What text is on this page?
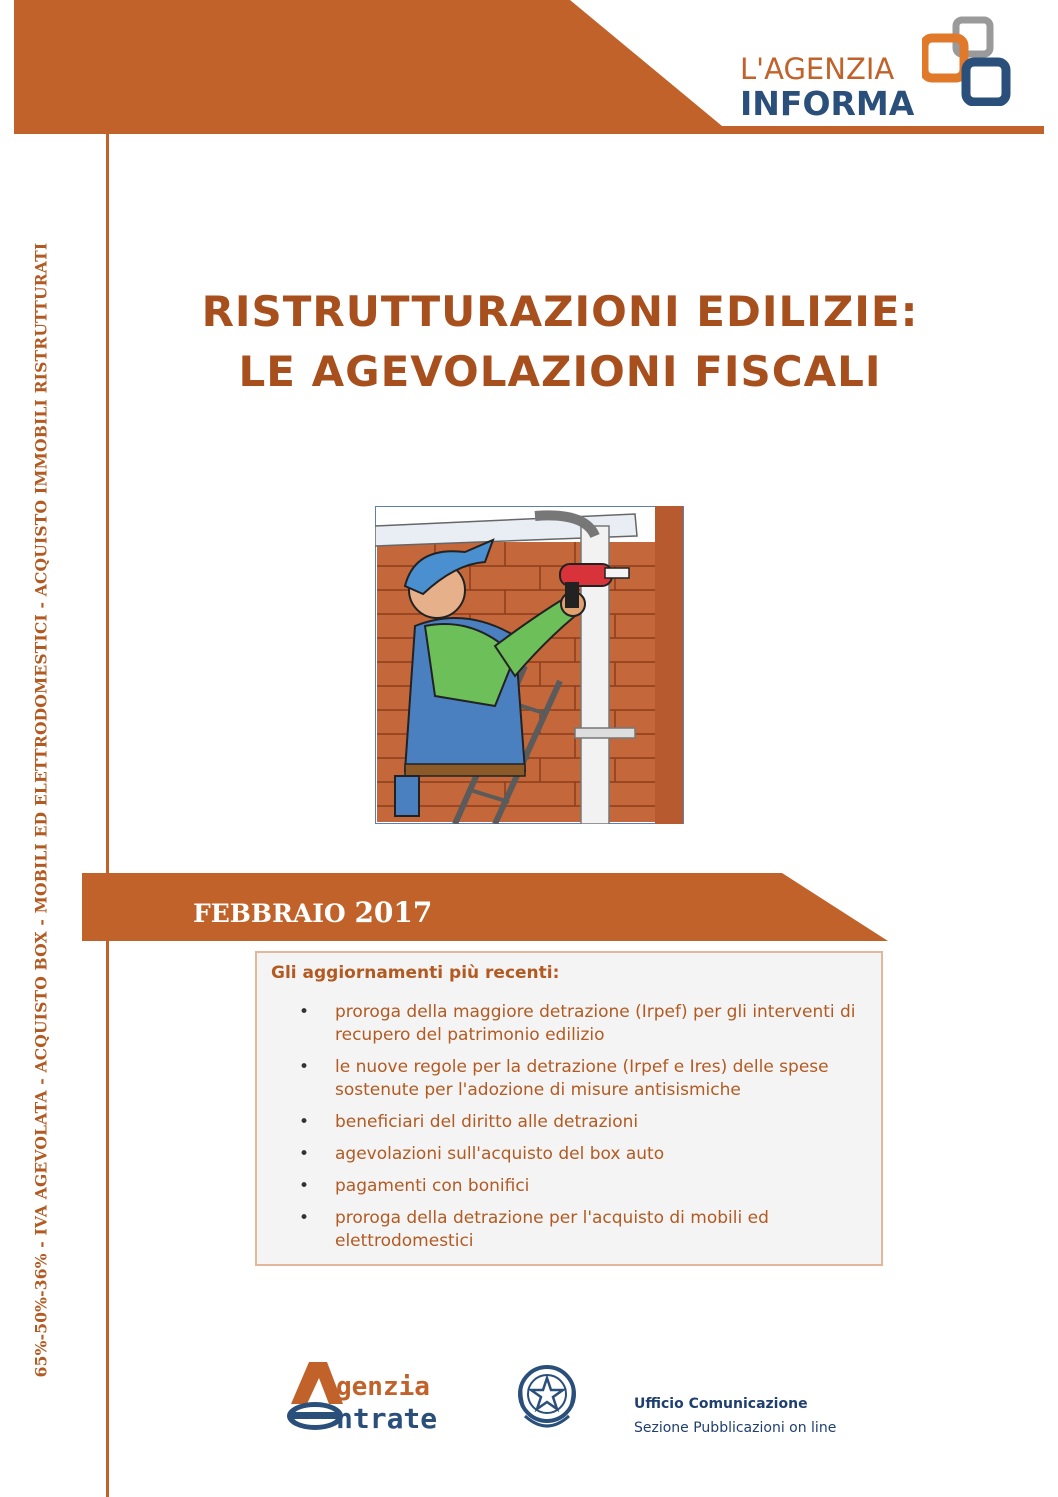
L'AGENZIA
INFORMA
65%-50%-36% - IVA AGEVOLATA - ACQUISTO BOX - MOBILI ED ELETTRODOMESTICI - ACQUISTO IMMOBILI RISTRUTTURATI	RISTRUTTURAZIONI EDILIZIE:
LE AGEVOLAZIONI FISCALI
FEBBRAIO 2017
Gli aggiornamenti più recenti:
• proroga della maggiore detrazione (Irpef) per gli interventi di recupero del patrimonio edilizio
• le nuove regole per la detrazione (Irpef e Ires) delle spese sostenute per l'adozione di misure antisismiche
• beneficiari del diritto alle detrazioni
• agevolazioni sull'acquisto del box auto
• pagamenti con bonifici
• proroga della detrazione per l'acquisto di mobili ed elettrodomestici
genzia
ntrate	Ufficio Comunicazione
Sezione Pubblicazioni on line
